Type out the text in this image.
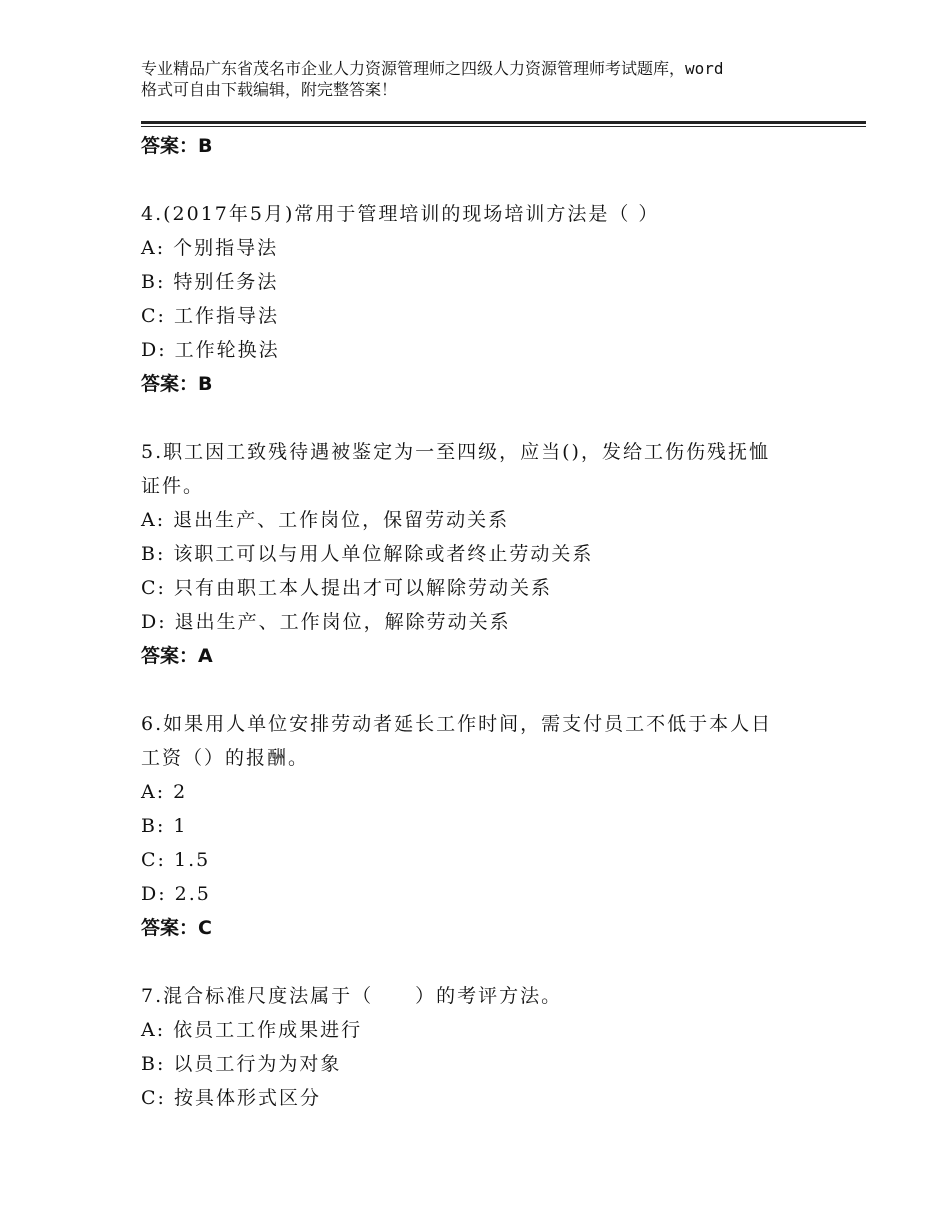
专业精品广东省茂名市企业人力资源管理师之四级人力资源管理师考试题库，word
格式可自由下载编辑，附完整答案！
答案：B
4.(2017年5月)常用于管理培训的现场培训方法是（ ）
A: 个别指导法
B: 特别任务法
C: 工作指导法
D: 工作轮换法
答案：B
5.职工因工致残待遇被鉴定为一至四级，应当()，发给工伤伤残抚恤
证件。
A: 退出生产、工作岗位，保留劳动关系
B: 该职工可以与用人单位解除或者终止劳动关系
C: 只有由职工本人提出才可以解除劳动关系
D: 退出生产、工作岗位，解除劳动关系
答案：A
6.如果用人单位安排劳动者延长工作时间，需支付员工不低于本人日
工资（）的报酬。
A: 2
B: 1
C: 1.5
D: 2.5
答案：C
7.混合标准尺度法属于（　　）的考评方法。
A: 依员工工作成果进行
B: 以员工行为为对象
C: 按具体形式区分
